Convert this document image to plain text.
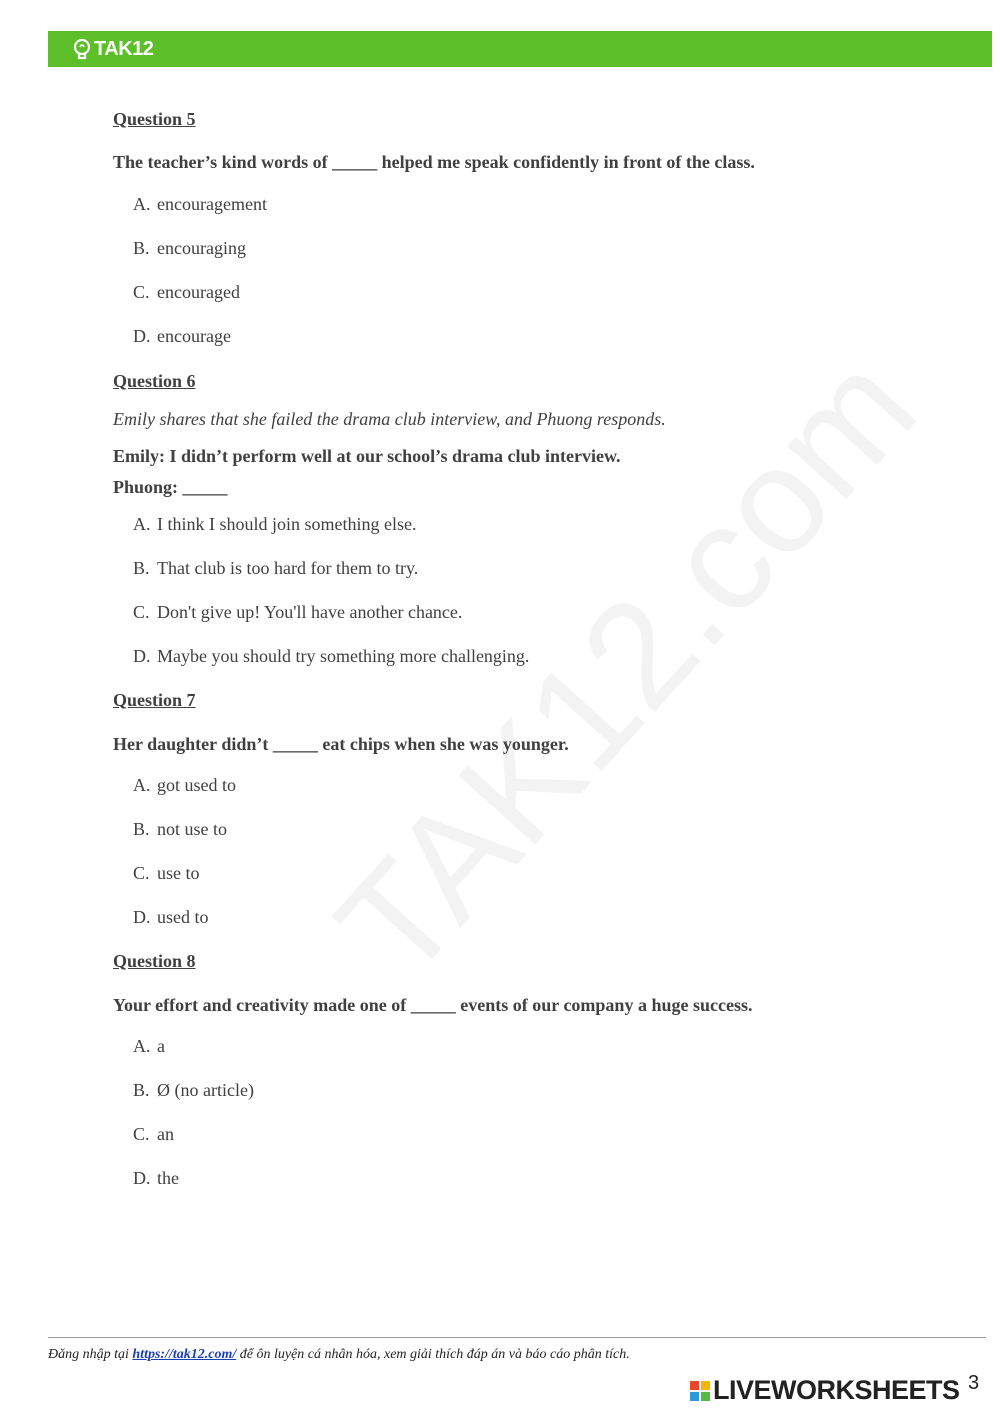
TA K12
Question 5
The teacher’s kind words of _____ helped me speak confidently in front of the class.
A. encouragement
B. encouraging
C. encouraged
D. encourage
Question 6
Emily shares that she failed the drama club interview, and Phuong responds.
Emily: I didn’t perform well at our school’s drama club interview.
Phuong: _____
A. I think I should join something else.
B. That club is too hard for them to try.
C. Don't give up! You'll have another chance.
D. Maybe you should try something more challenging.
Question 7
Her daughter didn’t _____ eat chips when she was younger.
A. got used to
B. not use to
C. use to
D. used to
Question 8
Your effort and creativity made one of _____ events of our company a huge success.
A. a
B. Ø (no article)
C. an
D. the
Đăng nhập tại https://tak12.com/ để ôn luyện cá nhân hóa, xem giải thích đáp án và báo cáo phân tích.
LIVEWORKSHEETS 3
